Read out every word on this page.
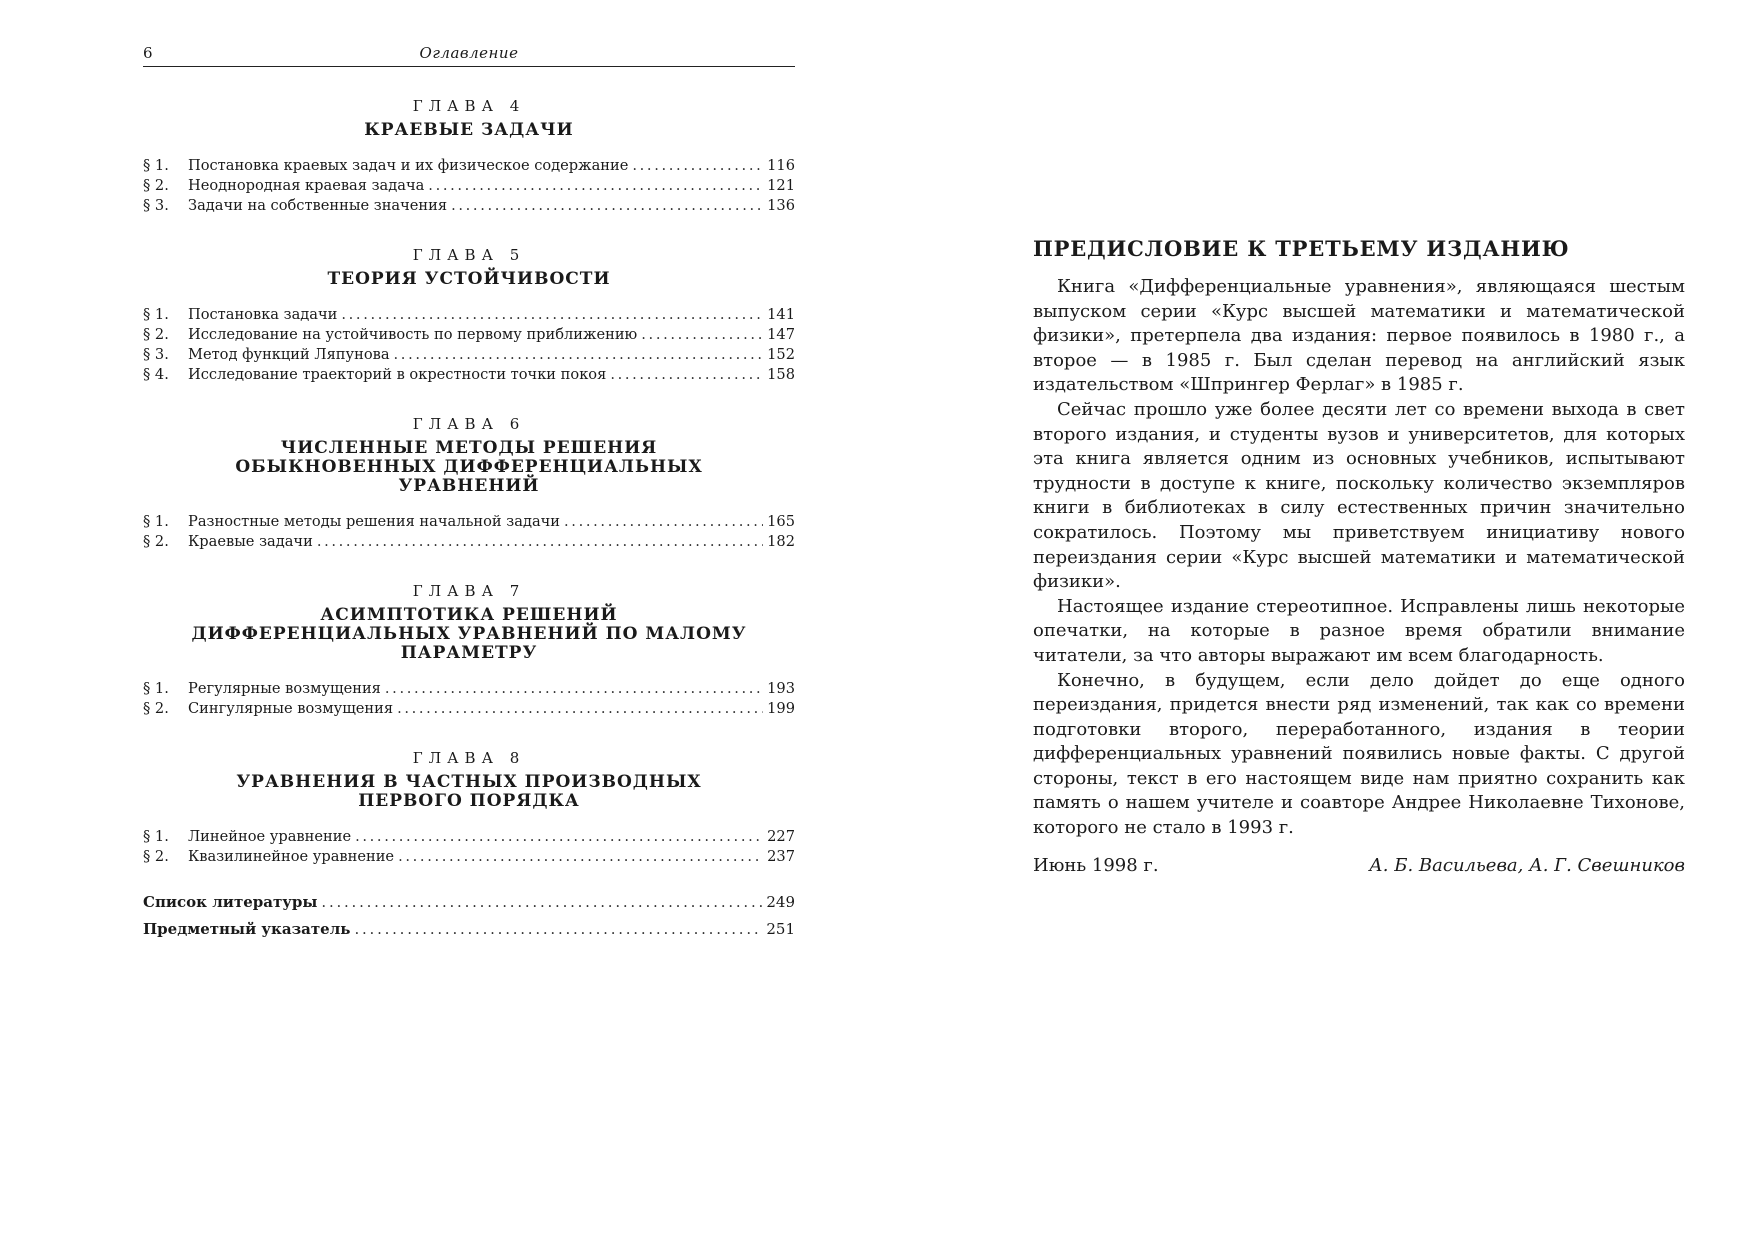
6	Оглавление
ГЛАВА 4
КРАЕВЫЕ ЗАДАЧИ
§ 1.	Постановка краевых задач и их физическое содержание . . .	116
§ 2.	Неоднородная краевая задача . . .	121
§ 3.	Задачи на собственные значения . . .	136
ГЛАВА 5
ТЕОРИЯ УСТОЙЧИВОСТИ
§ 1.	Постановка задачи . . .	141
§ 2.	Исследование на устойчивость по первому приближению . . .	147
§ 3.	Метод функций Ляпунова . . .	152
§ 4.	Исследование траекторий в окрестности точки покоя . . .	158
ГЛАВА 6
ЧИСЛЕННЫЕ МЕТОДЫ РЕШЕНИЯ
ОБЫКНОВЕННЫХ ДИФФЕРЕНЦИАЛЬНЫХ
УРАВНЕНИЙ
§ 1.	Разностные методы решения начальной задачи . . .	165
§ 2.	Краевые задачи . . .	182
ГЛАВА 7
АСИМПТОТИКА РЕШЕНИЙ
ДИФФЕРЕНЦИАЛЬНЫХ УРАВНЕНИЙ ПО МАЛОМУ
ПАРАМЕТРУ
§ 1.	Регулярные возмущения . . .	193
§ 2.	Сингулярные возмущения . . .	199
ГЛАВА 8
УРАВНЕНИЯ В ЧАСТНЫХ ПРОИЗВОДНЫХ
ПЕРВОГО ПОРЯДКА
§ 1.	Линейное уравнение . . .	227
§ 2.	Квазилинейное уравнение . . .	237
Список литературы . . .	249
Предметный указатель . . .	251
ПРЕДИСЛОВИЕ К ТРЕТЬЕМУ ИЗДАНИЮ

Книга «Дифференциальные уравнения», являющаяся шестым выпуском серии «Курс высшей математики и математической физики», претерпела два издания: первое появилось в 1980 г., а второе — в 1985 г. Был сделан перевод на английский язык издательством «Шпрингер Ферлаг» в 1985 г.

Сейчас прошло уже более десяти лет со времени выхода в свет второго издания, и студенты вузов и университетов, для которых эта книга является одним из основных учебников, испытывают трудности в доступе к книге, поскольку количество экземпляров книги в библиотеках в силу естественных причин значительно сократилось. Поэтому мы приветствуем инициативу нового переиздания серии «Курс высшей математики и математической физики».

Настоящее издание стереотипное. Исправлены лишь некоторые опечатки, на которые в разное время обратили внимание читатели, за что авторы выражают им всем благодарность.

Конечно, в будущем, если дело дойдет до еще одного переиздания, придется внести ряд изменений, так как со времени подготовки второго, переработанного, издания в теории дифференциальных уравнений появились новые факты. С другой стороны, текст в его настоящем виде нам приятно сохранить как память о нашем учителе и соавторе Андрее Николаевне Тихонове, которого не стало в 1993 г.

Июнь 1998 г.	А. Б. Васильева, А. Г. Свешников
